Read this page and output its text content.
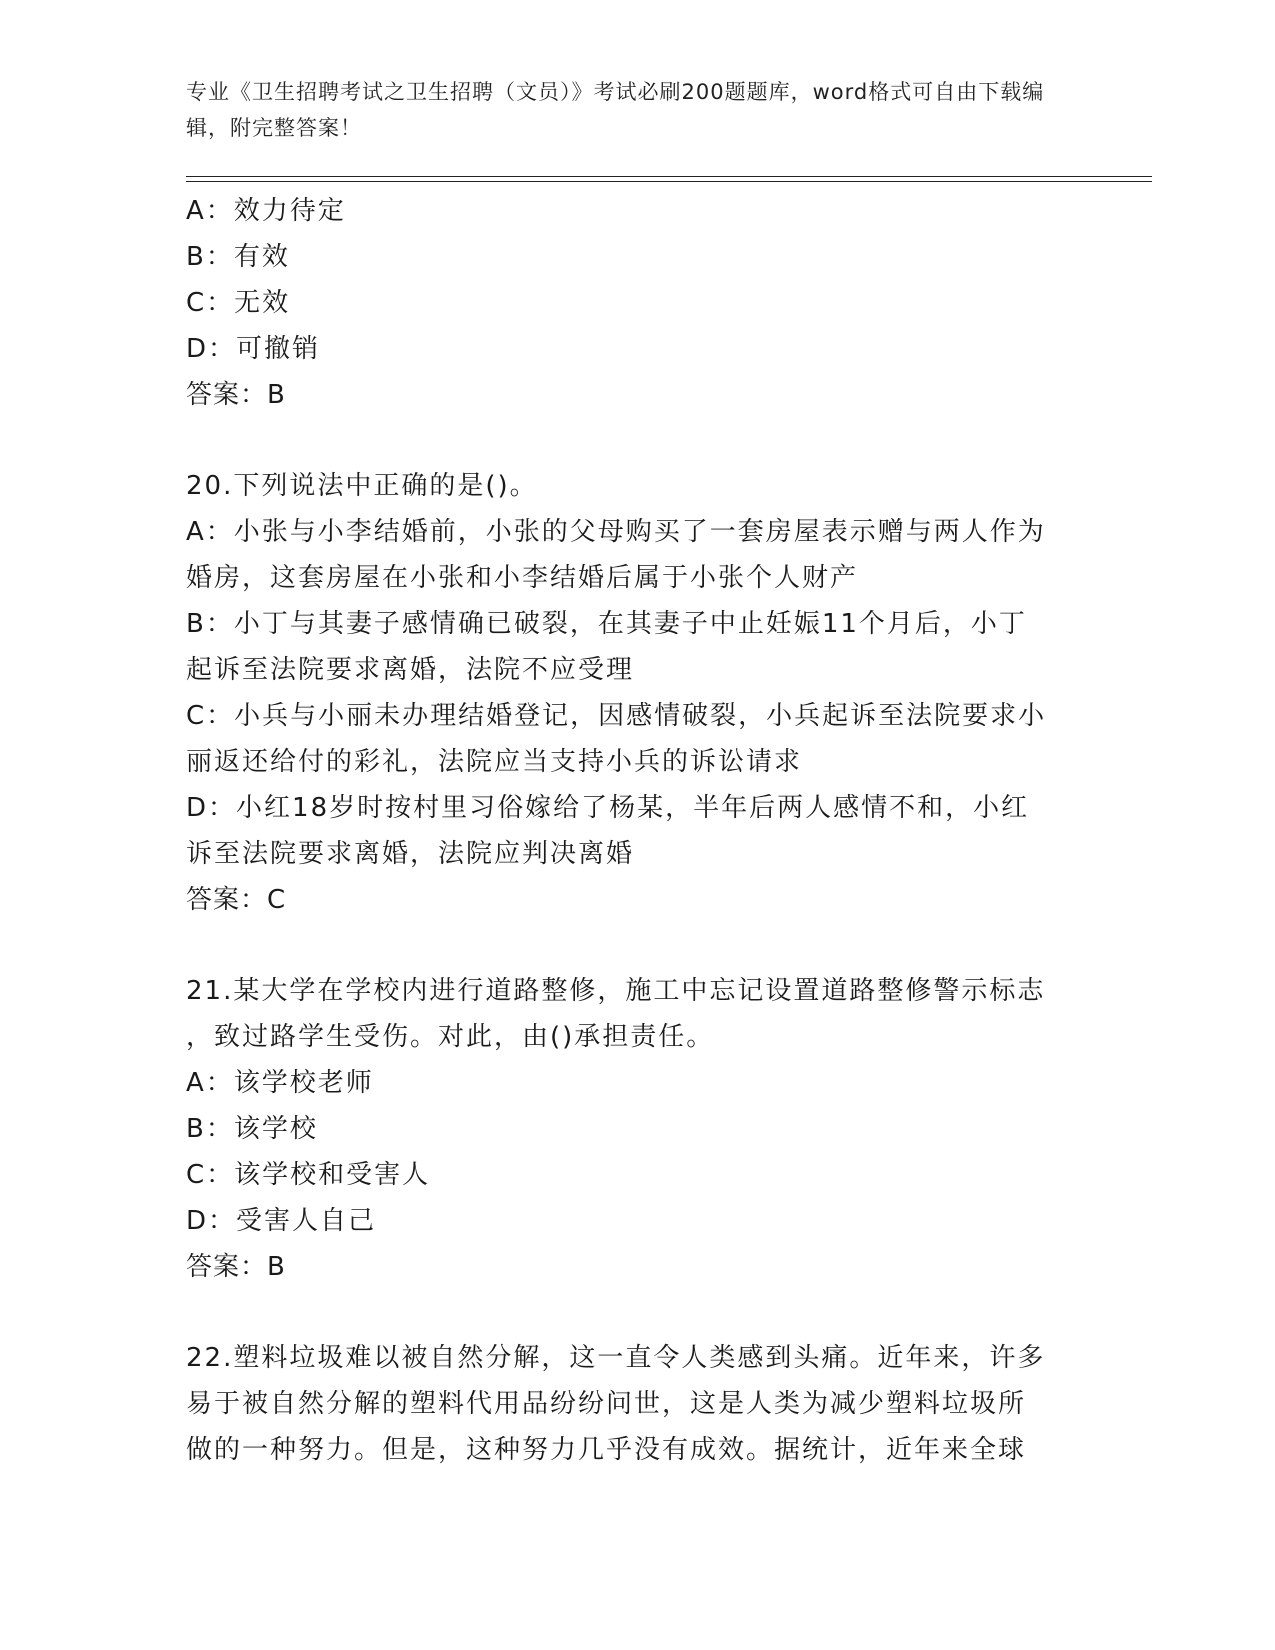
专业《卫生招聘考试之卫生招聘（文员）》考试必刷200题题库，word格式可自由下载编辑，附完整答案！

A：效力待定

B：有效

C：无效

D：可撤销

答案：B

20.下列说法中正确的是()。

A：小张与小李结婚前，小张的父母购买了一套房屋表示赠与两人作为

婚房，这套房屋在小张和小李结婚后属于小张个人财产

B：小丁与其妻子感情确已破裂，在其妻子中止妊娠11个月后，小丁

起诉至法院要求离婚，法院不应受理

C：小兵与小丽未办理结婚登记，因感情破裂，小兵起诉至法院要求小

丽返还给付的彩礼，法院应当支持小兵的诉讼请求

D：小红18岁时按村里习俗嫁给了杨某，半年后两人感情不和，小红

诉至法院要求离婚，法院应判决离婚

答案：C

21.某大学在学校内进行道路整修，施工中忘记设置道路整修警示标志

，致过路学生受伤。对此，由()承担责任。

A：该学校老师

B：该学校

C：该学校和受害人

D：受害人自己

答案：B

22.塑料垃圾难以被自然分解，这一直令人类感到头痛。近年来，许多

易于被自然分解的塑料代用品纷纷问世，这是人类为减少塑料垃圾所

做的一种努力。但是，这种努力几乎没有成效。据统计，近年来全球
